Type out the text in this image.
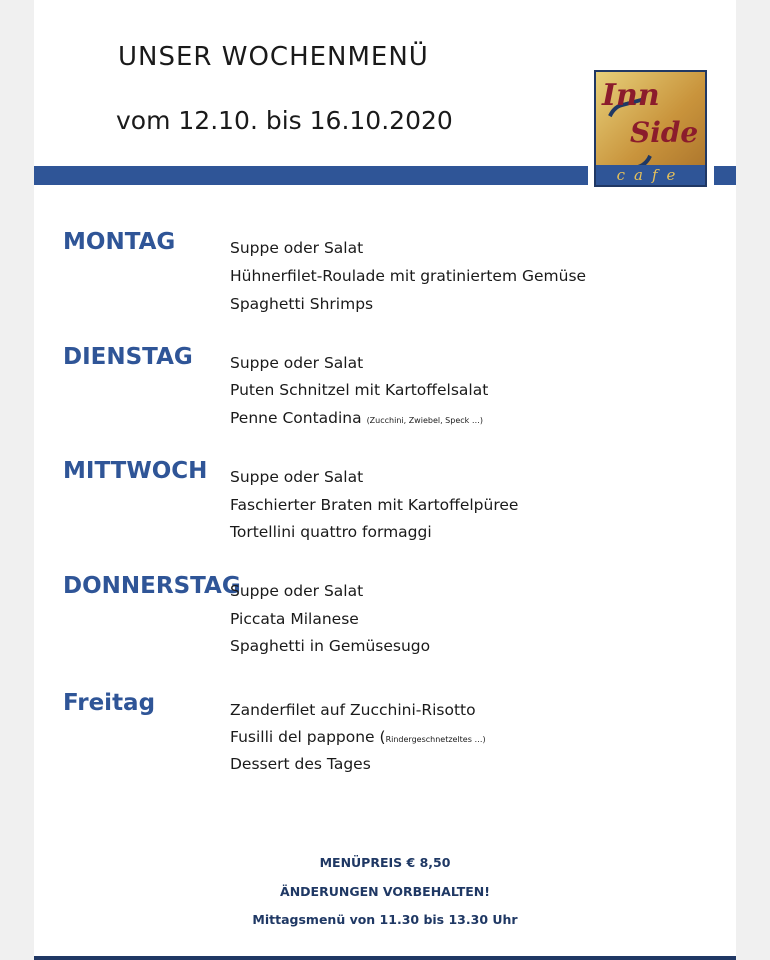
UNSER WOCHENMENÜ
vom 12.10. bis 16.10.2020
Inn
Side
cafe
MONTAG	Suppe oder Salat
Hühnerfilet-Roulade mit gratiniertem Gemüse
Spaghetti Shrimps
DIENSTAG Suppe oder Salat
Puten Schnitzel mit Kartoffelsalat
Penne Contadina (Zucchini, Zwiebel, Speck …)
MITTWOCH Suppe oder Salat
Faschierter Braten mit Kartoffelpüree
Tortellini quattro formaggi
DONNERSTAG
Suppe oder Salat
Piccata Milanese
Spaghetti in Gemüsesugo
Freitag	Zanderfilet auf Zucchini-Risotto
Fusilli del pappone (Rindergeschnetzeltes …)
Dessert des Tages
MENÜPREIS € 8,50
ÄNDERUNGEN VORBEHALTEN!
Mittagsmenü von 11.30 bis 13.30 Uhr
